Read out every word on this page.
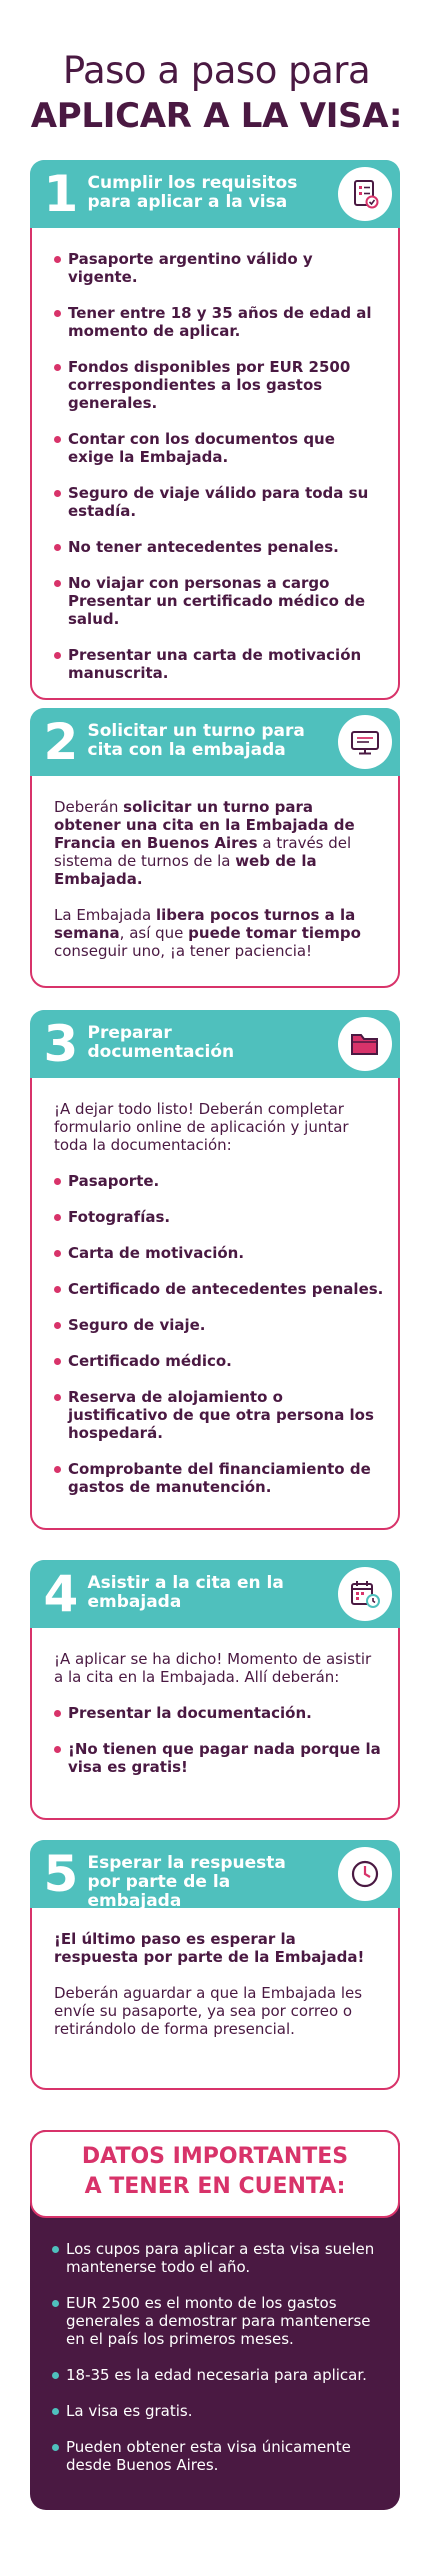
Paso a paso para
APLICAR A LA VISA:
1 Cumplir los requisitos para aplicar a la visa
Pasaporte argentino válido y vigente.
Tener entre 18 y 35 años de edad al momento de aplicar.
Fondos disponibles por EUR 2500 correspondientes a los gastos generales.
Contar con los documentos que exige la Embajada.
Seguro de viaje válido para toda su estadía.
No tener antecedentes penales.
No viajar con personas a cargo Presentar un certificado médico de salud.
Presentar una carta de motivación manuscrita.
2 Solicitar un turno para cita con la embajada

Deberán solicitar un turno para obtener una cita en la Embajada de Francia en Buenos Aires a través del sistema de turnos de la web de la Embajada.

La Embajada libera pocos turnos a la semana, así que puede tomar tiempo conseguir uno, ¡a tener paciencia!

3 Preparar documentación

¡A dejar todo listo! Deberán completar formulario online de aplicación y juntar toda la documentación:

Pasaporte.
Fotografías.
Carta de motivación.
Certificado de antecedentes penales.
Seguro de viaje.
Certificado médico.
Reserva de alojamiento o justificativo de que otra persona los hospedará.
Comprobante del financiamiento de gastos de manutención.
4 Asistir a la cita en la embajada

¡A aplicar se ha dicho! Momento de asistir a la cita en la Embajada. Allí deberán:

Presentar la documentación.
¡No tienen que pagar nada porque la visa es gratis!
5 Esperar la respuesta por parte de la embajada

¡El último paso es esperar la respuesta por parte de la Embajada!

Deberán aguardar a que la Embajada les envíe su pasaporte, ya sea por correo o retirándolo de forma presencial.

DATOS IMPORTANTES
A TENER EN CUENTA:
Los cupos para aplicar a esta visa suelen mantenerse todo el año.
EUR 2500 es el monto de los gastos generales a demostrar para mantenerse en el país los primeros meses.
18-35 es la edad necesaria para aplicar.
La visa es gratis.
Pueden obtener esta visa únicamente desde Buenos Aires.
